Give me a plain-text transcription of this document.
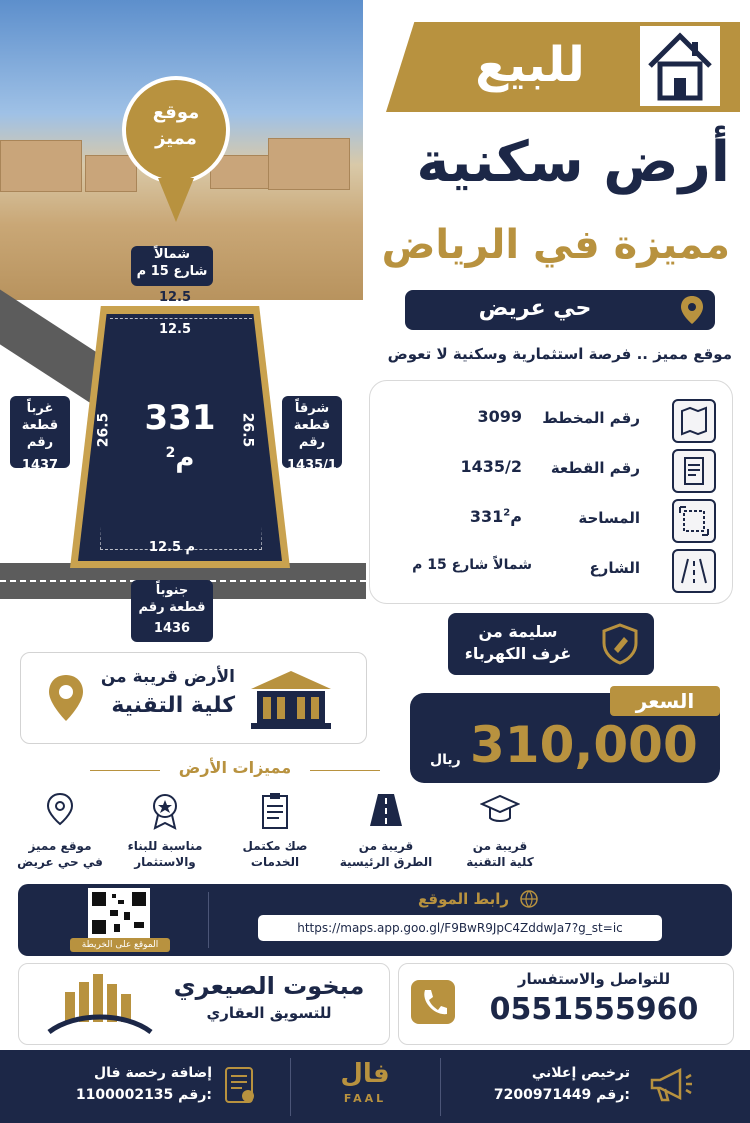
موقع
مميز
شمالاً
شارع 15 م
12.5
12.5
26.5	26.5
12.5 م
331
$^2$م
غرباً
قطعة رقم
1437
شرقاً
قطعة رقم
1435/1
جنوباً
قطعة رقم
1436
للبيع
أرض سكنية
مميزة في الرياض
حي عريض
موقع مميز .. فرصة استثمارية وسكنية لا تعوض
رقم المخطط
3099
رقم القطعة
1435/2
المساحة
331م$^2$
الشارع
شمالاً شارع 15 م
سليمة من
غرف الكهرباء
الأرض قريبة من
كلية التقنية	السعر
310,000
ريال
مميزات الأرض
قريبة من
كلية التقنية
قريبة من
الطرق الرئيسية
صك مكتمل
الخدمات
مناسبة للبناء
والاستثمار
موقع مميز
في حي عريض
الموقع على الخريطة
رابط الموقع
https://maps.app.goo.gl/F9BwR9JpC4ZddwJa7?g_st=ic
مبخوت الصيعري
للتسويق العقاري
للتواصل والاستفسار
0551555960
إضافة رخصة فال
1100002135 رقم:
فال
FAAL
ترخيص إعلاني
7200971449 رقم:
